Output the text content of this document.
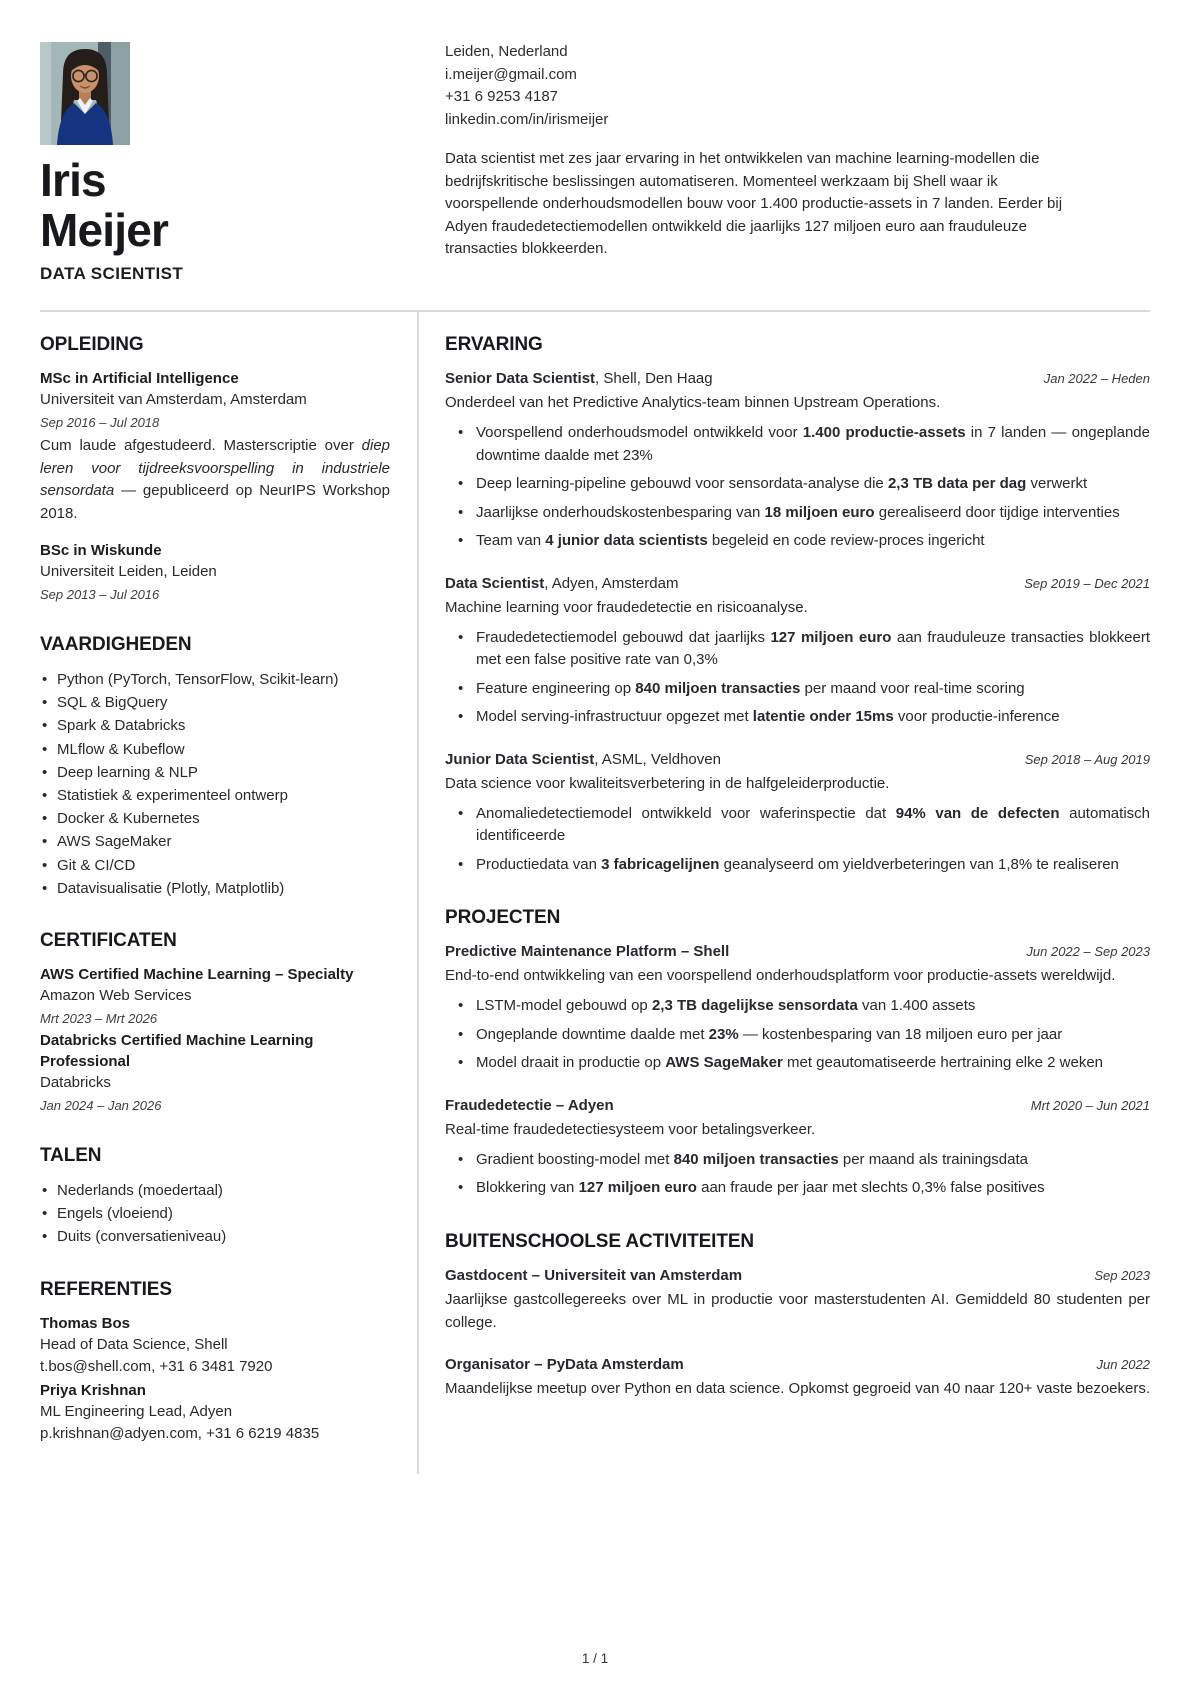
Iris
Meijer
DATA SCIENTIST
Leiden, Nederland
i.meijer@gmail.com
+31 6 9253 4187
linkedin.com/in/irismeijer

Data scientist met zes jaar ervaring in het ontwikkelen van machine learning-modellen die bedrijfskritische beslissingen automatiseren. Momenteel werkzaam bij Shell waar ik voorspellende onderhoudsmodellen bouw voor 1.400 productie-assets in 7 landen. Eerder bij Adyen fraudedetectiemodellen ontwikkeld die jaarlijks 127 miljoen euro aan frauduleuze transacties blokkeerden.

OPLEIDING
MSc in Artificial Intelligence
Universiteit van Amsterdam, Amsterdam
Sep 2016 – Jul 2018
Cum laude afgestudeerd. Masterscriptie over diep leren voor tijdreeksvoorspelling in industriele sensordata — gepubliceerd op NeurIPS Workshop 2018.
BSc in Wiskunde
Universiteit Leiden, Leiden
Sep 2013 – Jul 2016
VAARDIGHEDEN
• Python (PyTorch, TensorFlow, Scikit-learn)
• SQL & BigQuery
• Spark & Databricks
• MLflow & Kubeflow
• Deep learning & NLP
• Statistiek & experimenteel ontwerp
• Docker & Kubernetes
• AWS SageMaker
• Git & CI/CD
• Datavisualisatie (Plotly, Matplotlib)
CERTIFICATEN
AWS Certified Machine Learning – Specialty
Amazon Web Services
Mrt 2023 – Mrt 2026
Databricks Certified Machine Learning Professional
Databricks
Jan 2024 – Jan 2026
TALEN
• Nederlands (moedertaal)
• Engels (vloeiend)
• Duits (conversatieniveau)
REFERENTIES
Thomas Bos
Head of Data Science, Shell
t.bos@shell.com, +31 6 3481 7920
Priya Krishnan
ML Engineering Lead, Adyen
p.krishnan@adyen.com, +31 6 6219 4835
ERVARING
Senior Data Scientist, Shell, Den Haag	Jan 2022 – Heden
Onderdeel van het Predictive Analytics-team binnen Upstream Operations.
• Voorspellend onderhoudsmodel ontwikkeld voor 1.400 productie-assets in 7 landen — ongeplande downtime daalde met 23%
• Deep learning-pipeline gebouwd voor sensordata-analyse die 2,3 TB data per dag verwerkt
• Jaarlijkse onderhoudskostenbesparing van 18 miljoen euro gerealiseerd door tijdige interventies
• Team van 4 junior data scientists begeleid en code review-proces ingericht
Data Scientist, Adyen, Amsterdam	Sep 2019 – Dec 2021
Machine learning voor fraudedetectie en risicoanalyse.
• Fraudedetectiemodel gebouwd dat jaarlijks 127 miljoen euro aan frauduleuze transacties blokkeert met een false positive rate van 0,3%
• Feature engineering op 840 miljoen transacties per maand voor real-time scoring
• Model serving-infrastructuur opgezet met latentie onder 15ms voor productie-inference
Junior Data Scientist, ASML, Veldhoven	Sep 2018 – Aug 2019
Data science voor kwaliteitsverbetering in de halfgeleiderproductie.
• Anomaliedetectiemodel ontwikkeld voor waferinspectie dat 94% van de defecten automatisch identificeerde
• Productiedata van 3 fabricagelijnen geanalyseerd om yieldverbeteringen van 1,8% te realiseren
PROJECTEN
Predictive Maintenance Platform – Shell	Jun 2022 – Sep 2023
End-to-end ontwikkeling van een voorspellend onderhoudsplatform voor productie-assets wereldwijd.
• LSTM-model gebouwd op 2,3 TB dagelijkse sensordata van 1.400 assets
• Ongeplande downtime daalde met 23% — kostenbesparing van 18 miljoen euro per jaar
• Model draait in productie op AWS SageMaker met geautomatiseerde hertraining elke 2 weken
Fraudedetectie – Adyen	Mrt 2020 – Jun 2021
Real-time fraudedetectiesysteem voor betalingsverkeer.
• Gradient boosting-model met 840 miljoen transacties per maand als trainingsdata
• Blokkering van 127 miljoen euro aan fraude per jaar met slechts 0,3% false positives
BUITENSCHOOLSE ACTIVITEITEN
Gastdocent – Universiteit van Amsterdam	Sep 2023
Jaarlijkse gastcollegereeks over ML in productie voor masterstudenten AI. Gemiddeld 80 studenten per college.
Organisator – PyData Amsterdam	Jun 2022
Maandelijkse meetup over Python en data science. Opkomst gegroeid van 40 naar 120+ vaste bezoekers.
1 / 1
